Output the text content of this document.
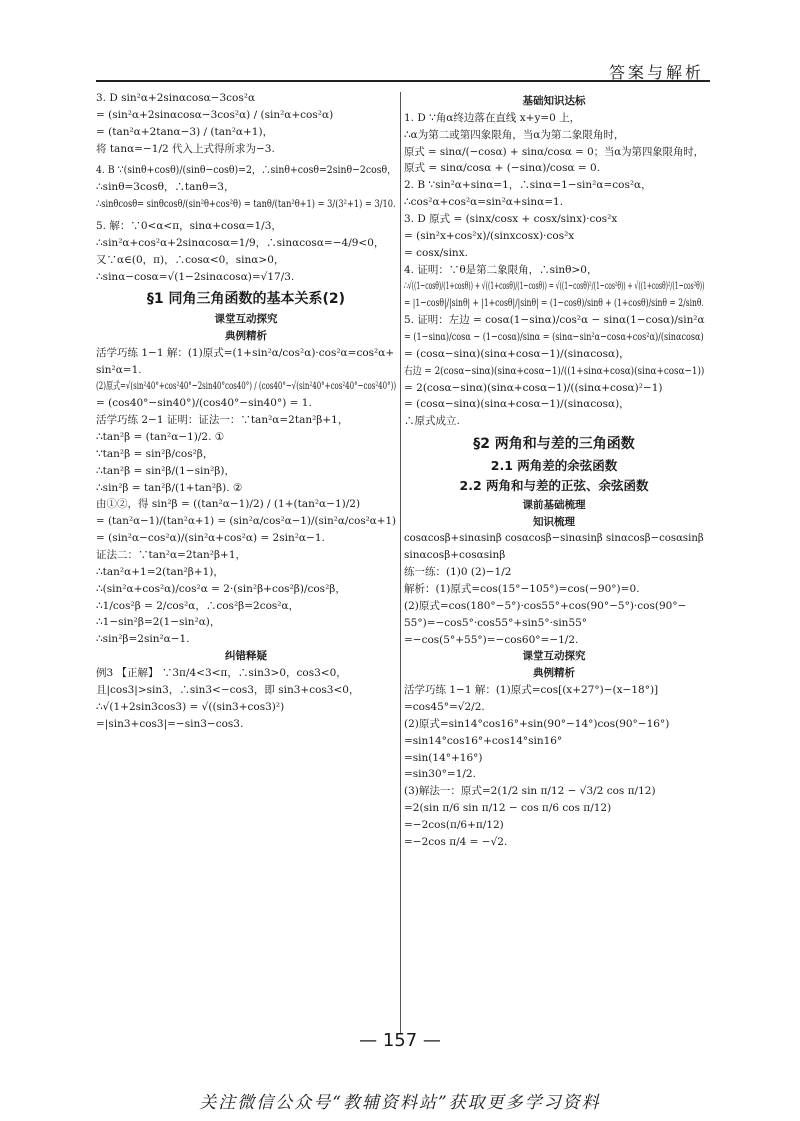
答案与解析
3. D sin²α+2sinαcosα−3cos²α
= (sin²α+2sinαcosα−3cos²α) / (sin²α+cos²α)
= (tan²α+2tanα−3) / (tan²α+1)，
将 tanα=−1/2 代入上式得所求为−3.
4. B ∵(sinθ+cosθ)/(sinθ−cosθ)=2，∴sinθ+cosθ=2sinθ−2cosθ，
∴sinθ=3cosθ，∴tanθ=3，
∴sinθcosθ= sinθcosθ/(sin²θ+cos²θ) = tanθ/(tan²θ+1) = 3/(3²+1) = 3/10.
5. 解：∵0<α<π，sinα+cosα=1/3，
∴sin²α+cos²α+2sinαcosα=1/9，∴sinαcosα=−4/9<0，
又∵α∈(0，π)，∴cosα<0，sinα>0，
∴sinα−cosα=√(1−2sinαcosα)=√17/3.
§1 同角三角函数的基本关系(2)
课堂互动探究
典例精析
活学巧练 1−1 解：(1)原式=(1+sin²α/cos²α)·cos²α=cos²α+
sin²α=1.
(2)原式=√(sin²40°+cos²40°−2sin40°cos40°) / (cos40°−√(sin²40°+cos²40°−cos²40°))
= (cos40°−sin40°)/(cos40°−sin40°) = 1.
活学巧练 2−1 证明：证法一：∵tan²α=2tan²β+1，
∴tan²β = (tan²α−1)/2. ①
∵tan²β = sin²β/cos²β，
∴tan²β = sin²β/(1−sin²β)，
∴sin²β = tan²β/(1+tan²β). ②
由①②，得 sin²β = ((tan²α−1)/2) / (1+(tan²α−1)/2)
= (tan²α−1)/(tan²α+1) = (sin²α/cos²α−1)/(sin²α/cos²α+1)
= (sin²α−cos²α)/(sin²α+cos²α) = 2sin²α−1.
证法二：∵tan²α=2tan²β+1，
∴tan²α+1=2(tan²β+1)，
∴(sin²α+cos²α)/cos²α = 2·(sin²β+cos²β)/cos²β，
∴1/cos²β = 2/cos²α，∴cos²β=2cos²α，
∴1−sin²β=2(1−sin²α)，
∴sin²β=2sin²α−1.
纠错释疑
例3 【正解】 ∵3π/4<3<π，∴sin3>0，cos3<0，
且|cos3|>sin3，∴sin3<−cos3，即 sin3+cos3<0，
∴√(1+2sin3cos3) = √((sin3+cos3)²)
=|sin3+cos3|=−sin3−cos3.
基础知识达标
1. D ∵角α终边落在直线 x+y=0 上，
∴α为第二或第四象限角，当α为第二象限角时，
原式 = sinα/(−cosα) + sinα/cosα = 0；当α为第四象限角时，
原式 = sinα/cosα + (−sinα)/cosα = 0.
2. B ∵sin²α+sinα=1，∴sinα=1−sin²α=cos²α，
∴cos²α+cos²α=sin²α+sinα=1.
3. D 原式 = (sinx/cosx + cosx/sinx)·cos²x
= (sin²x+cos²x)/(sinxcosx)·cos²x
= cosx/sinx.
4. 证明：∵θ是第二象限角，∴sinθ>0，
∴√((1−cosθ)/(1+cosθ)) + √((1+cosθ)/(1−cosθ)) = √((1−cosθ)²/(1−cos²θ)) + √((1+cosθ)²/(1−cos²θ))
= |1−cosθ|/|sinθ| + |1+cosθ|/|sinθ| = (1−cosθ)/sinθ + (1+cosθ)/sinθ = 2/sinθ.
5. 证明：左边 = cosα(1−sinα)/cos²α − sinα(1−cosα)/sin²α
= (1−sinα)/cosα − (1−cosα)/sinα = (sinα−sin²α−cosα+cos²α)/(sinαcosα)
= (cosα−sinα)(sinα+cosα−1)/(sinαcosα)，
右边 = 2(cosα−sinα)(sinα+cosα−1)/((1+sinα+cosα)(sinα+cosα−1))
= 2(cosα−sinα)(sinα+cosα−1)/((sinα+cosα)²−1)
= (cosα−sinα)(sinα+cosα−1)/(sinαcosα)，
∴原式成立.
§2 两角和与差的三角函数
2.1 两角差的余弦函数
2.2 两角和与差的正弦、余弦函数
课前基础梳理
知识梳理
cosαcosβ+sinαsinβ cosαcosβ−sinαsinβ sinαcosβ−cosαsinβ
sinαcosβ+cosαsinβ
练一练：(1)0 (2)−1/2
解析：(1)原式=cos(15°−105°)=cos(−90°)=0.
(2)原式=cos(180°−5°)·cos55°+cos(90°−5°)·cos(90°−
55°)=−cos5°·cos55°+sin5°·sin55°
=−cos(5°+55°)=−cos60°=−1/2.
课堂互动探究
典例精析
活学巧练 1−1 解：(1)原式=cos[(x+27°)−(x−18°)]
=cos45°=√2/2.
(2)原式=sin14°cos16°+sin(90°−14°)cos(90°−16°)
=sin14°cos16°+cos14°sin16°
=sin(14°+16°)
=sin30°=1/2.
(3)解法一：原式=2(1/2 sin π/12 − √3/2 cos π/12)
=2(sin π/6 sin π/12 − cos π/6 cos π/12)
=−2cos(π/6+π/12)
=−2cos π/4 = −√2.
— 157 —
关注微信公众号“教辅资料站”获取更多学习资料
